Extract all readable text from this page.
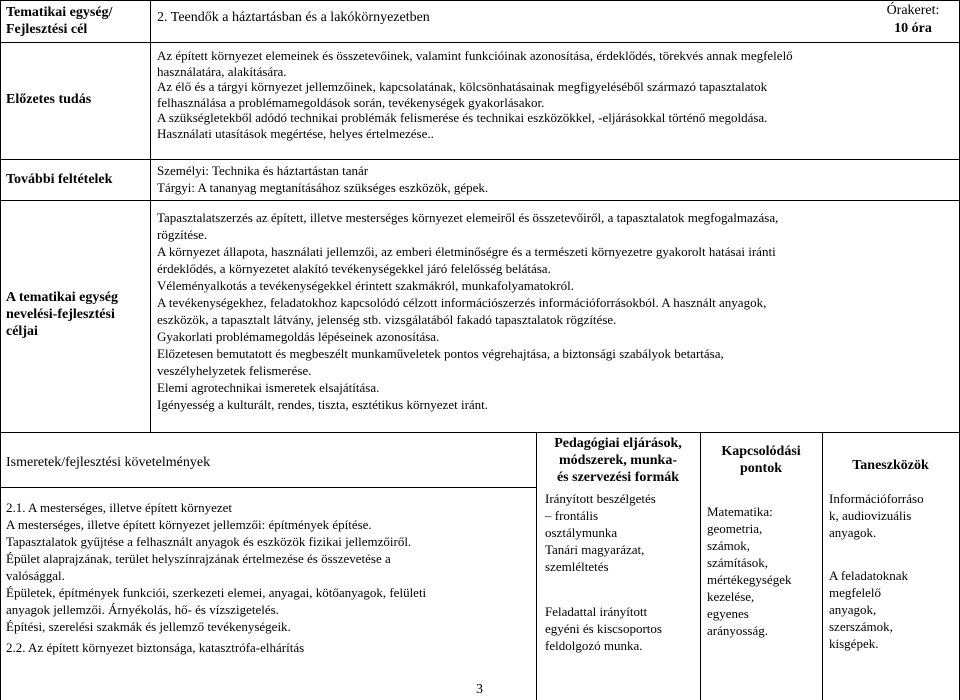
Tematikai egység/
Fejlesztési cél
2. Teendők a háztartásban és a lakókörnyezetben	Órakeret:
10 óra
Az épített környezet elemeinek és összetevőinek, valamint funkcióinak azonosítása, érdeklődés, törekvés annak megfelelő
használatára, alakítására.
Előzetes tudás
Az élő és a tárgyi környezet jellemzőinek, kapcsolatának, kölcsönhatásainak megfigyeléséből származó tapasztalatok
felhasználása a problémamegoldások során, tevékenységek gyakorlásakor.
A szükségletekből adódó technikai problémák felismerése és technikai eszközökkel, -eljárásokkal történő megoldása.
Használati utasítások megértése, helyes értelmezése..
További feltételek
Személyi: Technika és háztartástan tanár
Tárgyi: A tananyag megtanításához szükséges eszközök, gépek.
A tematikai egység
nevelési-fejlesztési
céljai
Tapasztalatszerzés az épített, illetve mesterséges környezet elemeiről és összetevőiről, a tapasztalatok megfogalmazása,
rögzítése.
A környezet állapota, használati jellemzői, az emberi életminőségre és a természeti környezetre gyakorolt hatásai iránti
érdeklődés, a környezetet alakító tevékenységekkel járó felelősség belátása.
Véleményalkotás a tevékenységekkel érintett szakmákról, munkafolyamatokról.
A tevékenységekhez, feladatokhoz kapcsolódó célzott információszerzés információforrásokból. A használt anyagok,
eszközök, a tapasztalt látvány, jelenség stb. vizsgálatából fakadó tapasztalatok rögzítése.
Gyakorlati problémamegoldás lépéseinek azonosítása.
Előzetesen bemutatott és megbeszélt munkaműveletek pontos végrehajtása, a biztonsági szabályok betartása,
veszélyhelyzetek felismerése.
Elemi agrotechnikai ismeretek elsajátítása.
Igényesség a kulturált, rendes, tiszta, esztétikus környezet iránt.
Ismeretek/fejlesztési követelmények
2.1. A mesterséges, illetve épített környezet
A mesterséges, illetve épített környezet jellemzői: építmények építése.
Tapasztalatok gyűjtése a felhasznált anyagok és eszközök fizikai jellemzőiről.
Épület alaprajzának, terület helyszínrajzának értelmezése és összevetése a
valósággal.
Épületek, építmények funkciói, szerkezeti elemei, anyagai, kötőanyagok, felületi
anyagok jellemzői. Árnyékolás, hő- és vízszigetelés.
Építési, szerelési szakmák és jellemző tevékenységeik.
2.2. Az épített környezet biztonsága, katasztrófa-elhárítás
Pedagógiai eljárások,
módszerek, munka-
és szervezési formák
Irányított beszélgetés
– frontális
osztálymunka
Tanári magyarázat,
szemléltetés
Feladattal irányított
egyéni és kiscsoportos
feldolgozó munka.
Kapcsolódási
pontok
Matematika:
geometria,
számok,
számítások,
mértékegységek
kezelése,
egyenes
arányosság.
Taneszközök
Információforráso
k, audiovizuális
anyagok.
A feladatoknak
megfelelő
anyagok,
szerszámok,
kisgépek.
3
